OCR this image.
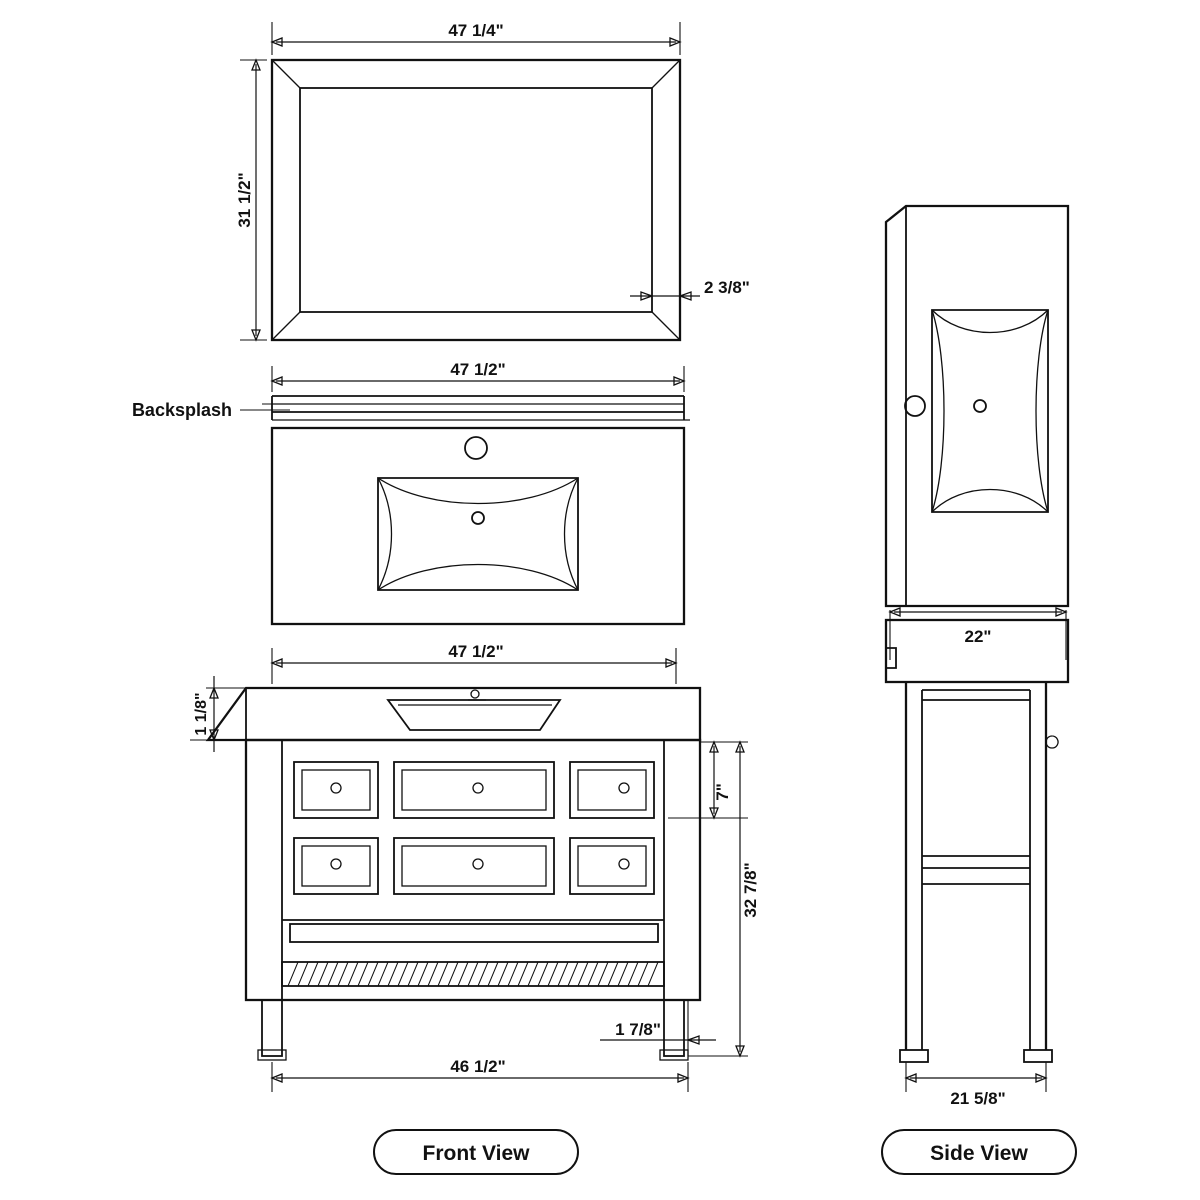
47 1/4"
31 1/2"
2 3/8"
47 1/2"
Backsplash
47 1/2"
1 1/8"
7"
32 7/8"
1 7/8"
46 1/2"
22"
21 5/8"
Front View	Side View
